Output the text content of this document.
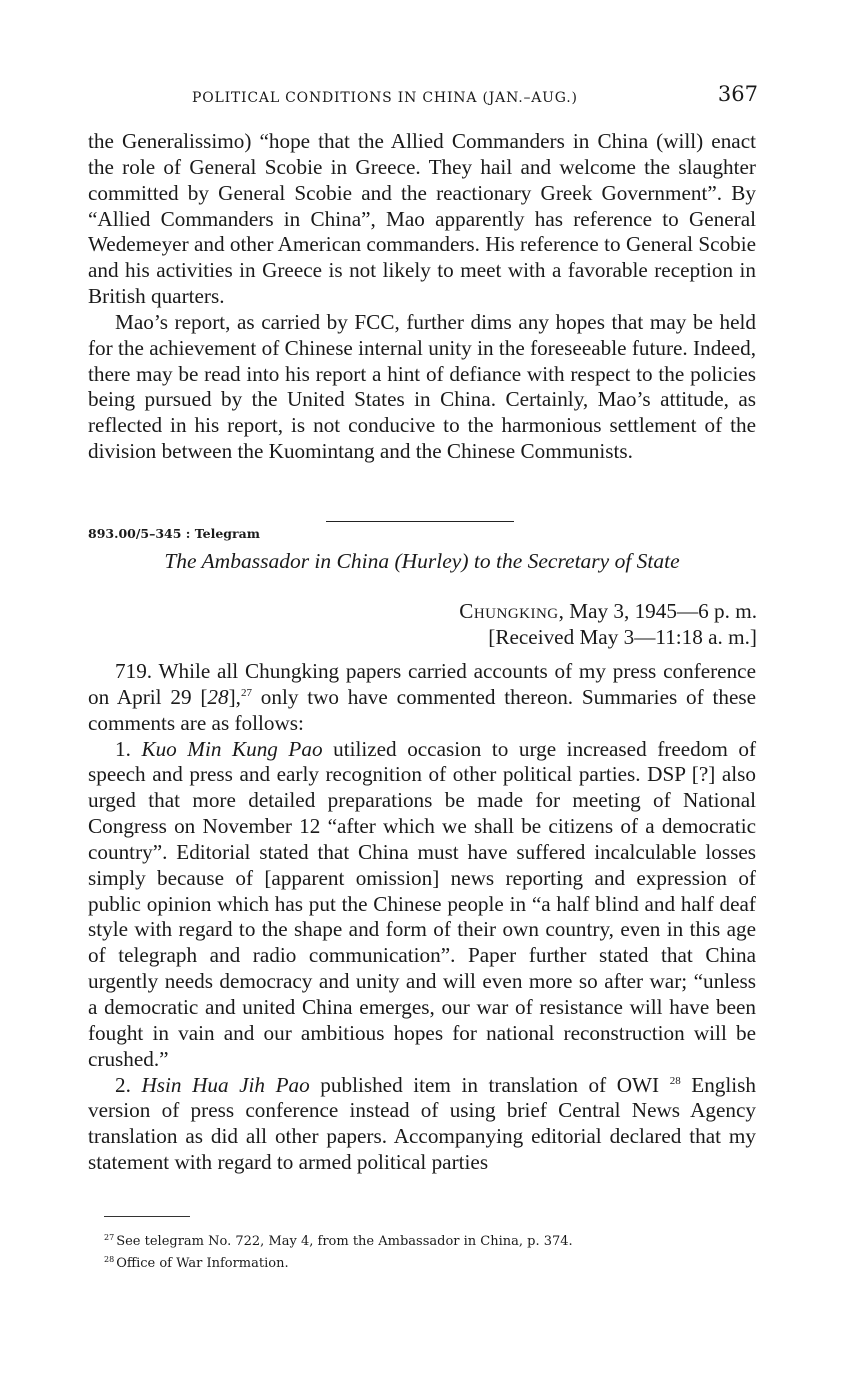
POLITICAL CONDITIONS IN CHINA (JAN.–AUG.)	367

the Generalissimo) “hope that the Allied Commanders in China (will) enact the role of General Scobie in Greece. They hail and welcome the slaughter committed by General Scobie and the reactionary Greek Government”. By “Allied Commanders in China”, Mao apparently has reference to General Wedemeyer and other American commanders. His reference to General Scobie and his activities in Greece is not likely to meet with a favorable reception in British quarters.

Mao’s report, as carried by FCC, further dims any hopes that may be held for the achievement of Chinese internal unity in the foreseeable future. Indeed, there may be read into his report a hint of defiance with respect to the policies being pursued by the United States in China. Certainly, Mao’s attitude, as reflected in his report, is not conducive to the harmonious settlement of the division between the Kuomintang and the Chinese Communists.

893.00/5–345 : Telegram
The Ambassador in China (Hurley) to the Secretary of State
Chungking, May 3, 1945—6 p. m.
[Received May 3—11:18 a. m.]

719. While all Chungking papers carried accounts of my press conference on April 29 [28],$^{27}$ only two have commented thereon. Summaries of these comments are as follows:

1. Kuo Min Kung Pao utilized occasion to urge increased freedom of speech and press and early recognition of other political parties. DSP [?] also urged that more detailed preparations be made for meeting of National Congress on November 12 “after which we shall be citizens of a democratic country”. Editorial stated that China must have suffered incalculable losses simply because of [apparent omission] news reporting and expression of public opinion which has put the Chinese people in “a half blind and half deaf style with regard to the shape and form of their own country, even in this age of telegraph and radio communication”. Paper further stated that China urgently needs democracy and unity and will even more so after war; “unless a democratic and united China emerges, our war of resistance will have been fought in vain and our ambitious hopes for national reconstruction will be crushed.”

2. Hsin Hua Jih Pao published item in translation of OWI $^{28}$ English version of press conference instead of using brief Central News Agency translation as did all other papers. Accompanying editorial declared that my statement with regard to armed political parties

$^{27}$ See telegram No. 722, May 4, from the Ambassador in China, p. 374.
$^{28}$ Office of War Information.
